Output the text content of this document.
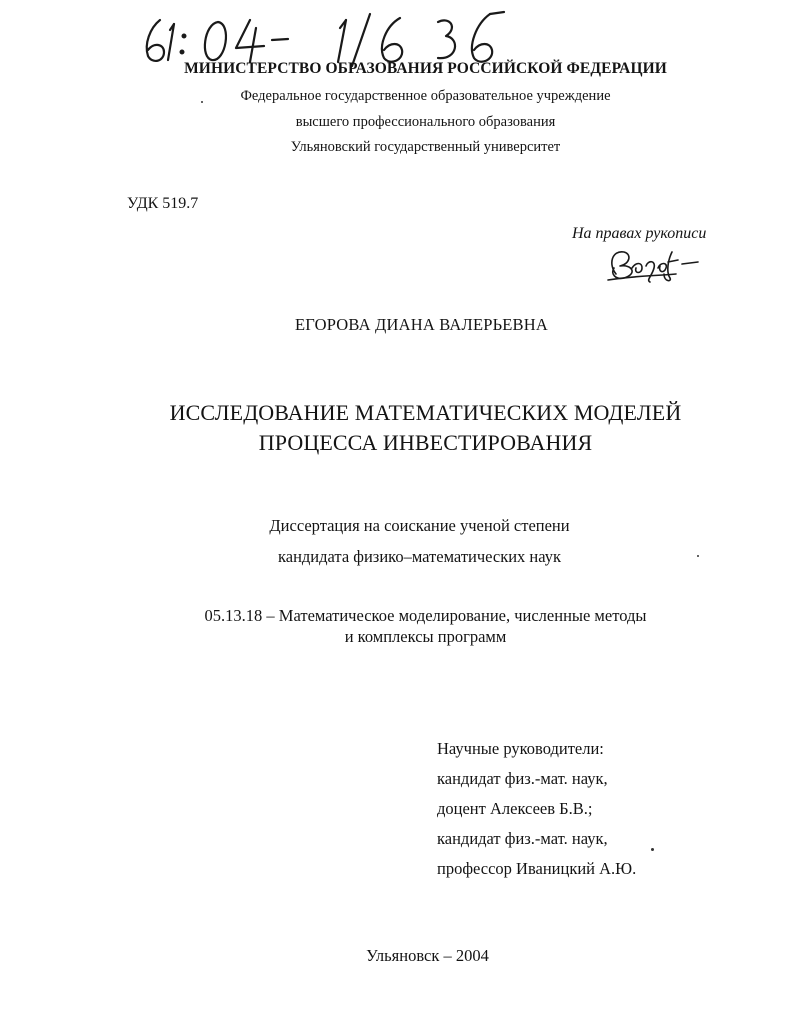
МИНИСТЕРСТВО ОБРАЗОВАНИЯ РОССИЙСКОЙ ФЕДЕРАЦИИ
Федеральное государственное образовательное учреждение
высшего профессионального образования
Ульяновский государственный университет
УДК 519.7
На правах рукописи
ЕГОРОВА ДИАНА ВАЛЕРЬЕВНА
ИССЛЕДОВАНИЕ МАТЕМАТИЧЕСКИХ МОДЕЛЕЙ
ПРОЦЕССА ИНВЕСТИРОВАНИЯ
Диссертация на соискание ученой степени
кандидата физико–математических наук
05.13.18 – Математическое моделирование, численные методы
и комплексы программ
Научные руководители:
кандидат физ.-мат. наук,
доцент Алексеев Б.В.;
кандидат физ.-мат. наук,
профессор Иваницкий А.Ю.
Ульяновск – 2004
